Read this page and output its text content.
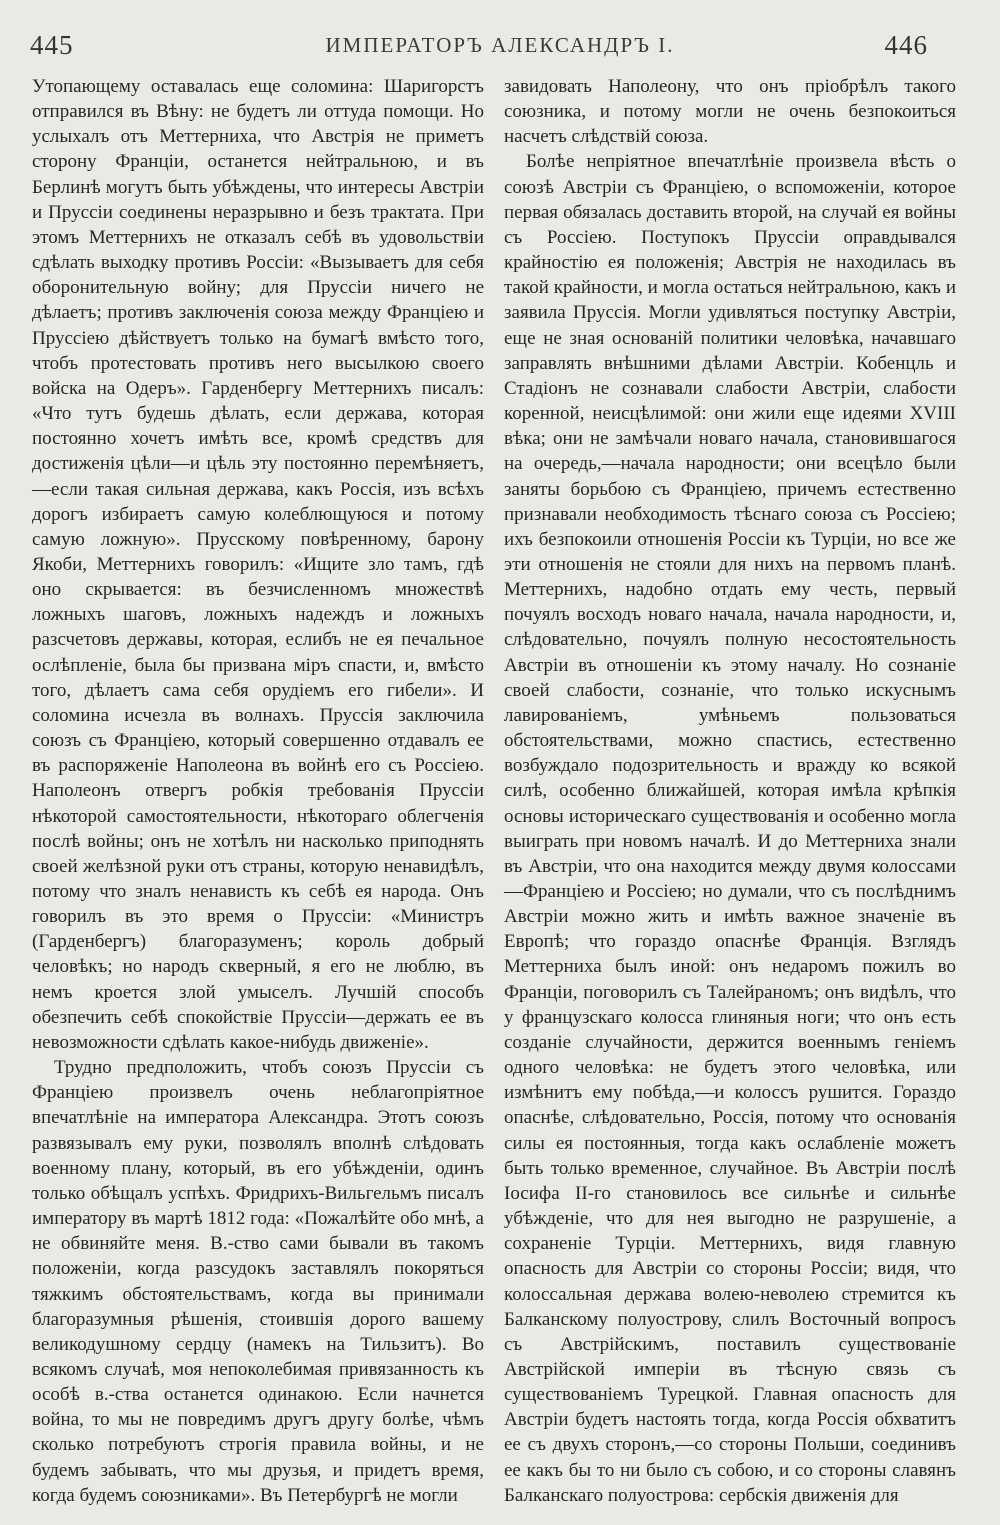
445	ИМПЕРАТОРЪ АЛЕКСАНДРЪ I.	446

Утопающему оставалась еще соломина: Шаригорстъ отправился въ Вѣну: не будетъ ли оттуда помощи. Но услыхалъ отъ Меттерниха, что Австрія не приметъ сторону Франціи, останется нейтральною, и въ Берлинѣ могутъ быть убѣждены, что интересы Австріи и Пруссіи соединены неразрывно и безъ трактата. При этомъ Меттернихъ не отказалъ себѣ въ удовольствіи сдѣлать выходку противъ Россіи: «Вызываетъ для себя оборонительную войну; для Пруссіи ничего не дѣлаетъ; противъ заключенія союза между Франціею и Пруссіею дѣйствуетъ только на бумагѣ вмѣсто того, чтобъ протестовать противъ него высылкою своего войска на Одеръ». Гарденбергу Меттернихъ писалъ: «Что тутъ будешь дѣлать, если держава, которая постоянно хочетъ имѣть все, кромѣ средствъ для достиженія цѣли—и цѣль эту постоянно перемѣняетъ,—если такая сильная держава, какъ Россія, изъ всѣхъ дорогъ избираетъ самую колеблющуюся и потому самую ложную». Прусскому повѣренному, барону Якоби, Меттернихъ говорилъ: «Ищите зло тамъ, гдѣ оно скрывается: въ безчисленномъ множествѣ ложныхъ шаговъ, ложныхъ надеждъ и ложныхъ разсчетовъ державы, которая, еслибъ не ея печальное ослѣпленіе, была бы призвана міръ спасти, и, вмѣсто того, дѣлаетъ сама себя орудіемъ его гибели». И соломина исчезла въ волнахъ. Пруссія заключила союзъ съ Франціею, который совершенно отдавалъ ее въ распоряженіе Наполеона въ войнѣ его съ Россіею. Наполеонъ отвергъ робкія требованія Пруссіи нѣкоторой самостоятельности, нѣкотораго облегченія послѣ войны; онъ не хотѣлъ ни насколько приподнять своей желѣзной руки отъ страны, которую ненавидѣлъ, потому что зналъ ненависть къ себѣ ея народа. Онъ говорилъ въ это время о Пруссіи: «Министръ (Гарденбергъ) благоразуменъ; король добрый человѣкъ; но народъ скверный, я его не люблю, въ немъ кроется злой умыселъ. Лучшій способъ обезпечить себѣ спокойствіе Пруссіи—держать ее въ невозможности сдѣлать какое-нибудь движеніе».

Трудно предположить, чтобъ союзъ Пруссіи съ Франціею произвелъ очень неблагопріятное впечатлѣніе на императора Александра. Этотъ союзъ развязывалъ ему руки, позволялъ вполнѣ слѣдовать военному плану, который, въ его убѣжденіи, одинъ только обѣщалъ успѣхъ. Фридрихъ-Вильгельмъ писалъ императору въ мартѣ 1812 года: «Пожалѣйте обо мнѣ, а не обвиняйте меня. В.-ство сами бывали въ такомъ положеніи, когда разсудокъ заставлялъ покоряться тяжкимъ обстоятельствамъ, когда вы принимали благоразумныя рѣшенія, стоившія дорого вашему великодушному сердцу (намекъ на Тильзитъ). Во всякомъ случаѣ, моя непоколебимая привязанность къ особѣ в.-ства останется одинакою. Если начнется война, то мы не повредимъ другъ другу болѣе, чѣмъ сколько потребуютъ строгія правила войны, и не будемъ забывать, что мы друзья, и придетъ время, когда будемъ союзниками». Въ Петербургѣ не могли

завидовать Наполеону, что онъ пріобрѣлъ такого союзника, и потому могли не очень безпокоиться насчетъ слѣдствій союза.

Болѣе непріятное впечатлѣніе произвела вѣсть о союзѣ Австріи съ Франціею, о вспоможеніи, которое первая обязалась доставить второй, на случай ея войны съ Россіею. Поступокъ Пруссіи оправдывался крайностію ея положенія; Австрія не находилась въ такой крайности, и могла остаться нейтральною, какъ и заявила Пруссія. Могли удивляться поступку Австріи, еще не зная основаній политики человѣка, начавшаго заправлять внѣшними дѣлами Австріи. Кобенцль и Стадіонъ не сознавали слабости Австріи, слабости коренной, неисцѣлимой: они жили еще идеями XVIII вѣка; они не замѣчали новаго начала, становившагося на очередь,—начала народности; они всецѣло были заняты борьбою съ Франціею, причемъ естественно признавали необходимость тѣснаго союза съ Россіею; ихъ безпокоили отношенія Россіи къ Турціи, но все же эти отношенія не стояли для нихъ на первомъ планѣ. Меттернихъ, надобно отдать ему честь, первый почуялъ восходъ новаго начала, начала народности, и, слѣдовательно, почуялъ полную несостоятельность Австріи въ отношеніи къ этому началу. Но сознаніе своей слабости, сознаніе, что только искуснымъ лавированіемъ, умѣньемъ пользоваться обстоятельствами, можно спастись, естественно возбуждало подозрительность и вражду ко всякой силѣ, особенно ближайшей, которая имѣла крѣпкія основы историческаго существованія и особенно могла выиграть при новомъ началѣ. И до Меттерниха знали въ Австріи, что она находится между двумя колоссами—Франціею и Россіею; но думали, что съ послѣднимъ Австріи можно жить и имѣть важное значеніе въ Европѣ; что гораздо опаснѣе Франція. Взглядъ Меттерниха былъ иной: онъ недаромъ пожилъ во Франціи, поговорилъ съ Талейраномъ; онъ видѣлъ, что у французскаго колосса глиняныя ноги; что онъ есть созданіе случайности, держится военнымъ геніемъ одного человѣка: не будетъ этого человѣка, или измѣнитъ ему побѣда,—и колоссъ рушится. Гораздо опаснѣе, слѣдовательно, Россія, потому что основанія силы ея постоянныя, тогда какъ ослабленіе можетъ быть только временное, случайное. Въ Австріи послѣ Іосифа II-го становилось все сильнѣе и сильнѣе убѣжденіе, что для нея выгодно не разрушеніе, а сохраненіе Турціи. Меттернихъ, видя главную опасность для Австріи со стороны Россіи; видя, что колоссальная держава волею-неволею стремится къ Балканскому полуострову, слилъ Восточный вопросъ съ Австрійскимъ, поставилъ существованіе Австрійской имперіи въ тѣсную связь съ существованіемъ Турецкой. Главная опасность для Австріи будетъ настоять тогда, когда Россія обхватитъ ее съ двухъ сторонъ,—со стороны Польши, соединивъ ее какъ бы то ни было съ собою, и со стороны славянъ Балканскаго полуострова: сербскія движенія для
